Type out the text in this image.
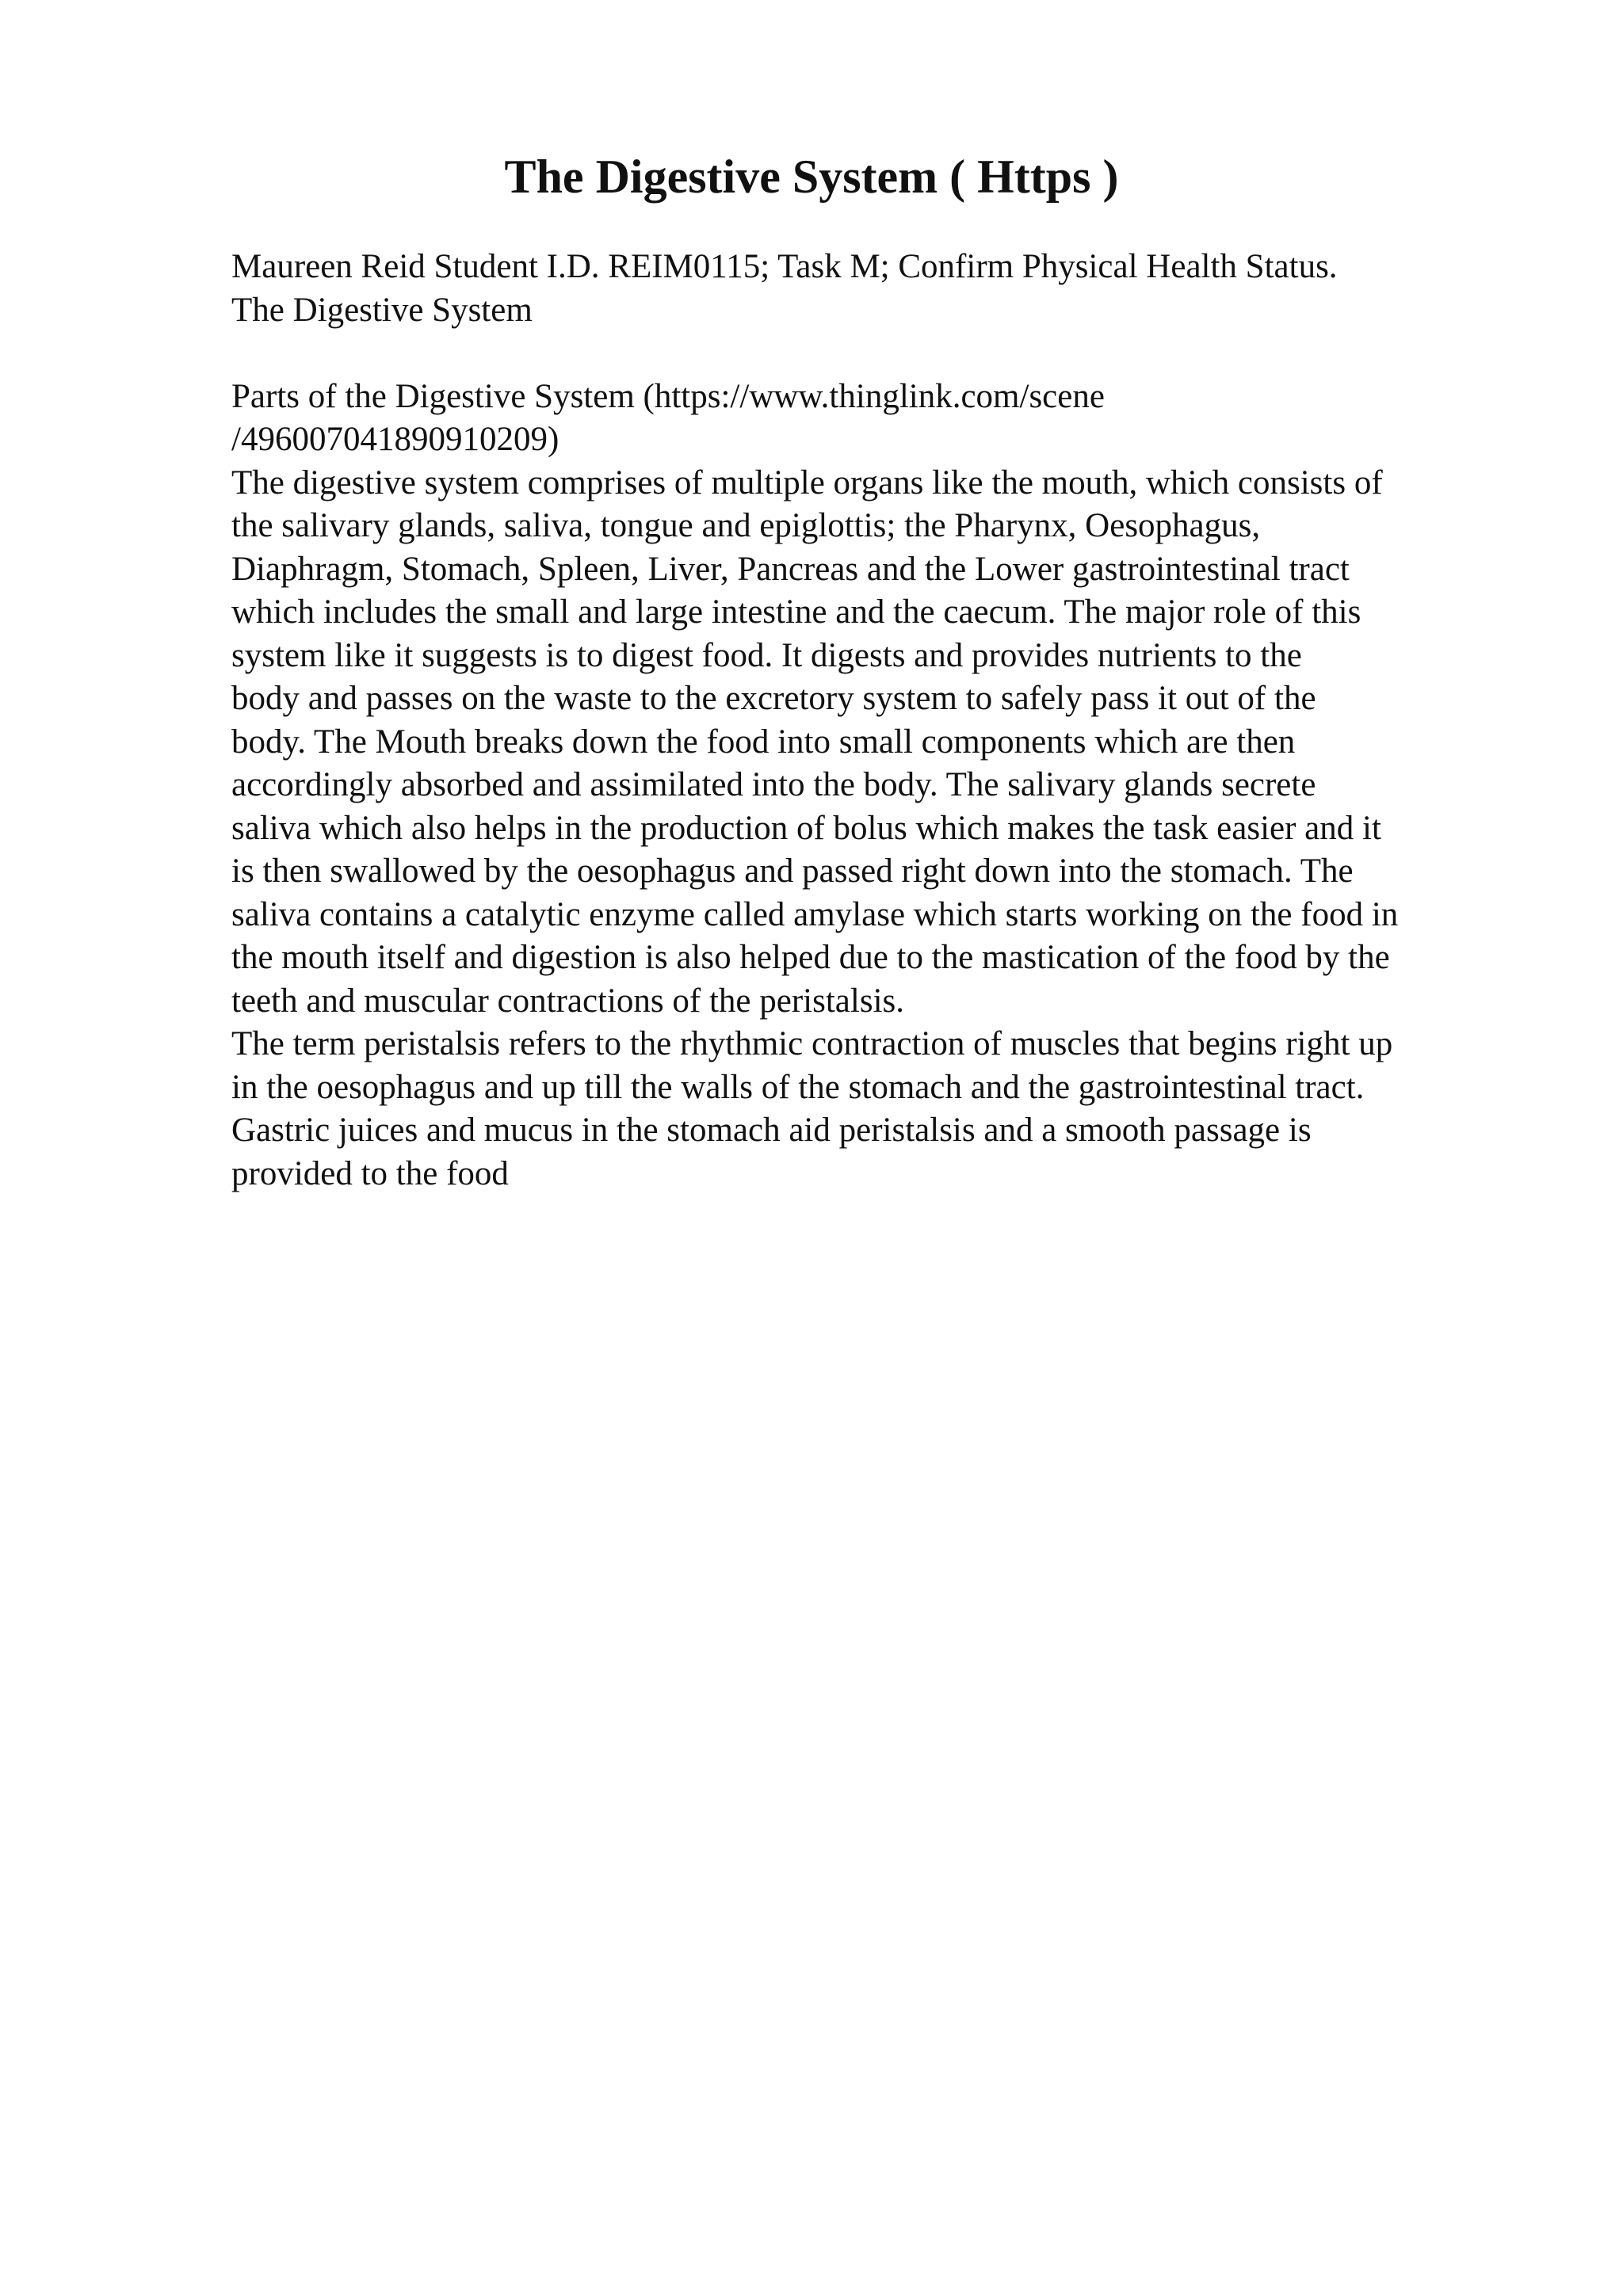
The Digestive System ( Https )
Maureen Reid Student I.D. REIM0115; Task M; Confirm Physical Health Status.
The Digestive System
Parts of the Digestive System (https://www.thinglink.com/scene
/496007041890910209)
The digestive system comprises of multiple organs like the mouth, which consists of
the salivary glands, saliva, tongue and epiglottis; the Pharynx, Oesophagus,
Diaphragm, Stomach, Spleen, Liver, Pancreas and the Lower gastrointestinal tract
which includes the small and large intestine and the caecum. The major role of this
system like it suggests is to digest food. It digests and provides nutrients to the
body and passes on the waste to the excretory system to safely pass it out of the
body. The Mouth breaks down the food into small components which are then
accordingly absorbed and assimilated into the body. The salivary glands secrete
saliva which also helps in the production of bolus which makes the task easier and it
is then swallowed by the oesophagus and passed right down into the stomach. The
saliva contains a catalytic enzyme called amylase which starts working on the food in
the mouth itself and digestion is also helped due to the mastication of the food by the
teeth and muscular contractions of the peristalsis.
The term peristalsis refers to the rhythmic contraction of muscles that begins right up
in the oesophagus and up till the walls of the stomach and the gastrointestinal tract.
Gastric juices and mucus in the stomach aid peristalsis and a smooth passage is
provided to the food
